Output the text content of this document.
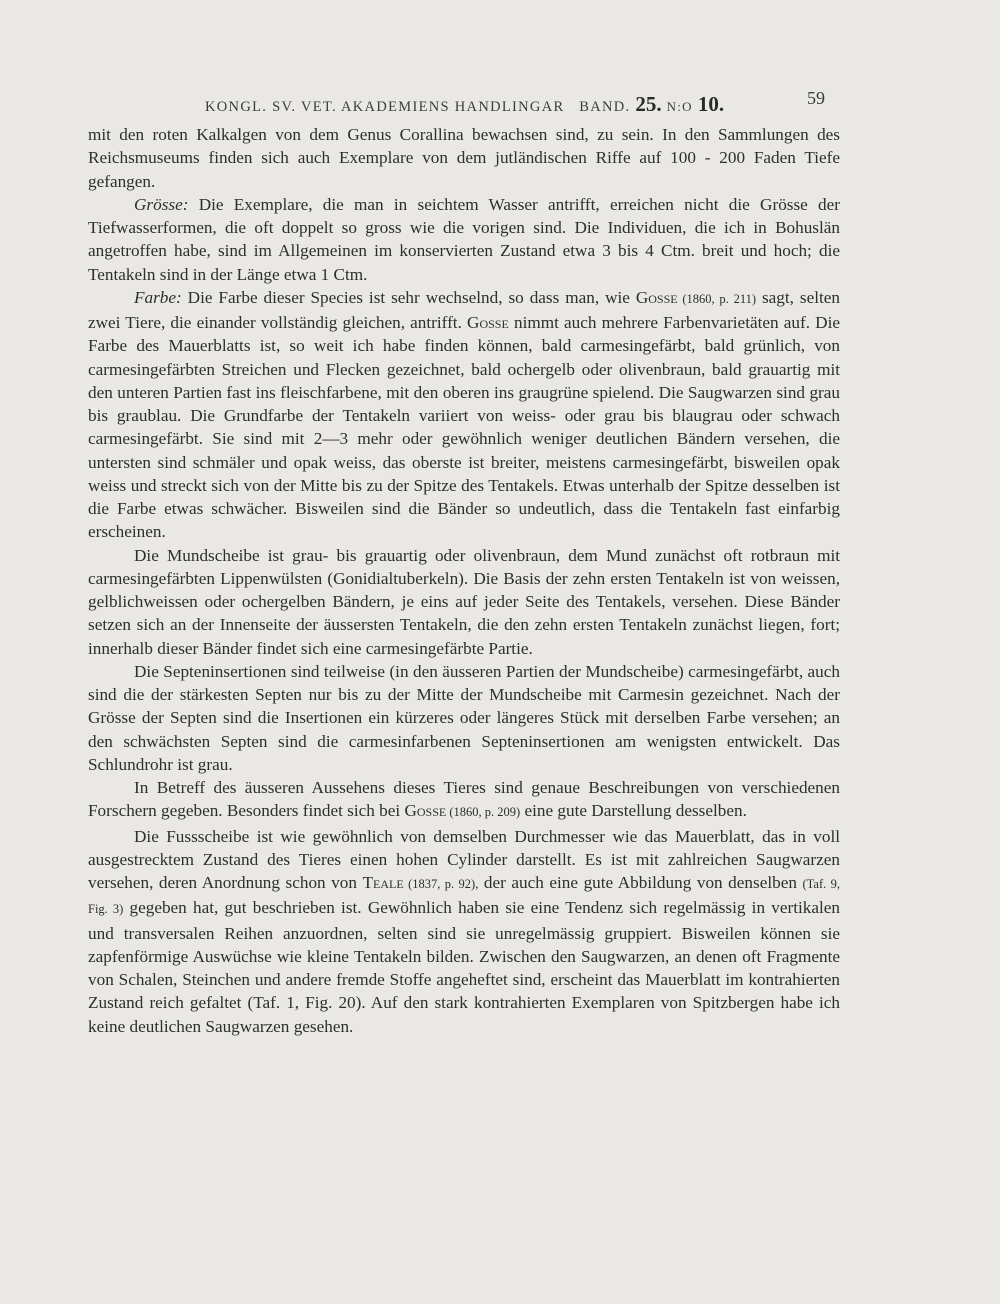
KONGL. SV. VET. AKADEMIENS HANDLINGAR BAND. 25. N:O 10.	59

mit den roten Kalkalgen von dem Genus Corallina bewachsen sind, zu sein. In den Sammlungen des Reichsmuseums finden sich auch Exemplare von dem jutländischen Riffe auf 100 - 200 Faden Tiefe gefangen.

Grösse: Die Exemplare, die man in seichtem Wasser antrifft, erreichen nicht die Grösse der Tiefwasserformen, die oft doppelt so gross wie die vorigen sind. Die Individuen, die ich in Bohuslän angetroffen habe, sind im Allgemeinen im konservierten Zustand etwa 3 bis 4 Ctm. breit und hoch; die Tentakeln sind in der Länge etwa 1 Ctm.

Farbe: Die Farbe dieser Species ist sehr wechselnd, so dass man, wie Gosse (1860, p. 211) sagt, selten zwei Tiere, die einander vollständig gleichen, antrifft. Gosse nimmt auch mehrere Farbenvarietäten auf. Die Farbe des Mauerblatts ist, so weit ich habe finden können, bald carmesingefärbt, bald grünlich, von carmesingefärbten Streichen und Flecken gezeichnet, bald ochergelb oder olivenbraun, bald grauartig mit den unteren Partien fast ins fleischfarbene, mit den oberen ins graugrüne spielend. Die Saugwarzen sind grau bis graublau. Die Grundfarbe der Tentakeln variiert von weiss- oder grau bis blaugrau oder schwach carmesingefärbt. Sie sind mit 2—3 mehr oder gewöhnlich weniger deutlichen Bändern versehen, die untersten sind schmäler und opak weiss, das oberste ist breiter, meistens carmesingefärbt, bisweilen opak weiss und streckt sich von der Mitte bis zu der Spitze des Tentakels. Etwas unterhalb der Spitze desselben ist die Farbe etwas schwächer. Bisweilen sind die Bänder so undeutlich, dass die Tentakeln fast einfarbig erscheinen.

Die Mundscheibe ist grau- bis grauartig oder olivenbraun, dem Mund zunächst oft rotbraun mit carmesingefärbten Lippenwülsten (Gonidialtuberkeln). Die Basis der zehn ersten Tentakeln ist von weissen, gelblichweissen oder ochergelben Bändern, je eins auf jeder Seite des Tentakels, versehen. Diese Bänder setzen sich an der Innenseite der äussersten Tentakeln, die den zehn ersten Tentakeln zunächst liegen, fort; innerhalb dieser Bänder findet sich eine carmesingefärbte Partie.

Die Septeninsertionen sind teilweise (in den äusseren Partien der Mundscheibe) carmesingefärbt, auch sind die der stärkesten Septen nur bis zu der Mitte der Mundscheibe mit Carmesin gezeichnet. Nach der Grösse der Septen sind die Insertionen ein kürzeres oder längeres Stück mit derselben Farbe versehen; an den schwächsten Septen sind die carmesinfarbenen Septeninsertionen am wenigsten entwickelt. Das Schlundrohr ist grau.

In Betreff des äusseren Aussehens dieses Tieres sind genaue Beschreibungen von verschiedenen Forschern gegeben. Besonders findet sich bei Gosse (1860, p. 209) eine gute Darstellung desselben.

Die Fussscheibe ist wie gewöhnlich von demselben Durchmesser wie das Mauerblatt, das in voll ausgestrecktem Zustand des Tieres einen hohen Cylinder darstellt. Es ist mit zahlreichen Saugwarzen versehen, deren Anordnung schon von Teale (1837, p. 92), der auch eine gute Abbildung von denselben (Taf. 9, Fig. 3) gegeben hat, gut beschrieben ist. Gewöhnlich haben sie eine Tendenz sich regelmässig in vertikalen und transversalen Reihen anzuordnen, selten sind sie unregelmässig gruppiert. Bisweilen können sie zapfenförmige Auswüchse wie kleine Tentakeln bilden. Zwischen den Saugwarzen, an denen oft Fragmente von Schalen, Steinchen und andere fremde Stoffe angeheftet sind, erscheint das Mauerblatt im kontrahierten Zustand reich gefaltet (Taf. 1, Fig. 20). Auf den stark kontrahierten Exemplaren von Spitzbergen habe ich keine deutlichen Saugwarzen gesehen.
